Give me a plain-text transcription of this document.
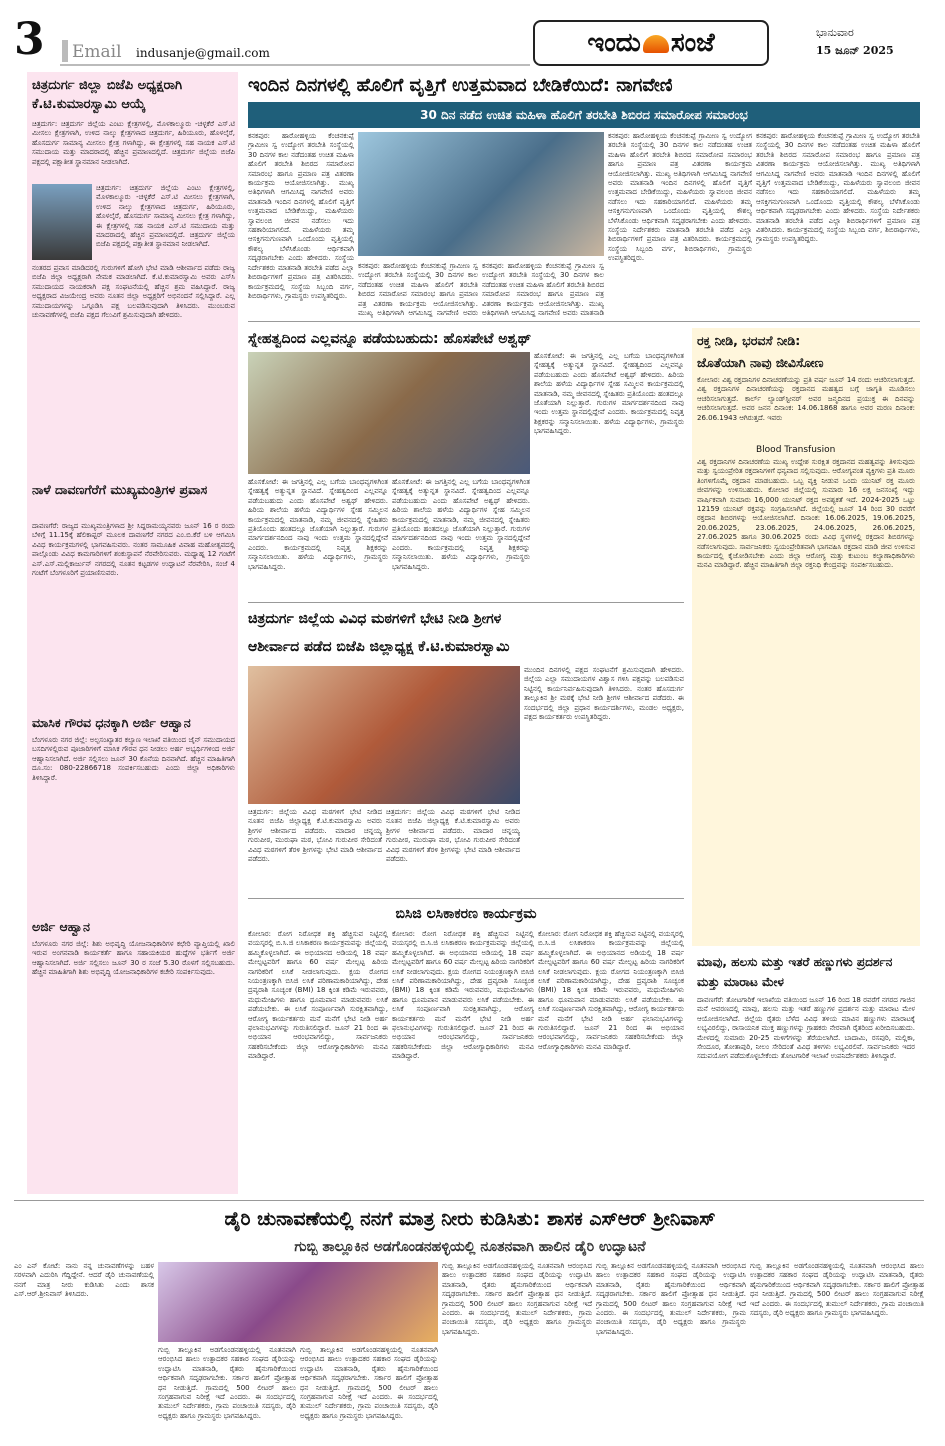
3	Email	indusanje@gmail.com	ಇಂದು ಸಂಜೆ	ಭಾನುವಾರ
15 ಜೂನ್ 2025
ಚಿತ್ರದುರ್ಗ ಜಿಲ್ಲಾ ಬಿಜೆಪಿ ಅಧ್ಯಕ್ಷರಾಗಿ ಕೆ.ಟಿ.ಕುಮಾರಸ್ವಾಮಿ ಆಯ್ಕೆ
ಚಿತ್ರದುರ್ಗ: ಚಿತ್ರದುರ್ಗ ಜಿಲ್ಲೆಯ ಎಂಟು ಕ್ಷೇತ್ರಗಳಲ್ಲಿ, ಮೊಳಕಾಲ್ಮೂರು -ಚಳ್ಳಕೆರೆ ಎಸ್.ಟಿ ಮೀಸಲು ಕ್ಷೇತ್ರಗಳಾಗಿ, ಉಳಿದ ನಾಲ್ಕು ಕ್ಷೇತ್ರಗಳಾದ ಚಿತ್ರದುರ್ಗ, ಹಿರಿಯೂರು, ಹೊಳಲ್ಕೆರೆ, ಹೊಸದುರ್ಗ ಸಾಮಾನ್ಯ ಮೀಸಲು ಕ್ಷೇತ್ರ ಗಳಾಗಿದ್ದು, ಈ ಕ್ಷೇತ್ರಗಳಲ್ಲಿ ಸಹ ನಾಯಕ ಎಸ್.ಟಿ ಸಮುದಾಯ ಮತ್ತು ಮಾದರಾದಲ್ಲಿ ಹೆಚ್ಚಿನ ಪ್ರಮಾಣದಲ್ಲಿದೆ. ಚಿತ್ರದುರ್ಗ ಜಿಲ್ಲೆಯ ಬಿಜೆಪಿ ಪಕ್ಷದಲ್ಲಿ ಪಕ್ಷಾತೀತ ಸ್ಥಾನಮಾನ ನೀಡಲಾಗಿದೆ.
ಚಿತ್ರದುರ್ಗ: ಚಿತ್ರದುರ್ಗ ಜಿಲ್ಲೆಯ ಎಂಟು ಕ್ಷೇತ್ರಗಳಲ್ಲಿ, ಮೊಳಕಾಲ್ಮೂರು -ಚಳ್ಳಕೆರೆ ಎಸ್.ಟಿ ಮೀಸಲು ಕ್ಷೇತ್ರಗಳಾಗಿ, ಉಳಿದ ನಾಲ್ಕು ಕ್ಷೇತ್ರಗಳಾದ ಚಿತ್ರದುರ್ಗ, ಹಿರಿಯೂರು, ಹೊಳಲ್ಕೆರೆ, ಹೊಸದುರ್ಗ ಸಾಮಾನ್ಯ ಮೀಸಲು ಕ್ಷೇತ್ರ ಗಳಾಗಿದ್ದು, ಈ ಕ್ಷೇತ್ರಗಳಲ್ಲಿ ಸಹ ನಾಯಕ ಎಸ್.ಟಿ ಸಮುದಾಯ ಮತ್ತು ಮಾದರಾದಲ್ಲಿ ಹೆಚ್ಚಿನ ಪ್ರಮಾಣದಲ್ಲಿದೆ. ಚಿತ್ರದುರ್ಗ ಜಿಲ್ಲೆಯ ಬಿಜೆಪಿ ಪಕ್ಷದಲ್ಲಿ ಪಕ್ಷಾತೀತ ಸ್ಥಾನಮಾನ ನೀಡಲಾಗಿದೆ.
ನಂತರದ ಪ್ರವಾಸ ಮಾಡಿದರಲ್ಲಿ ಗುರುಗಳಿಗೆ ಹೋಗಿ ಭೇಟಿ ಮಾಡಿ ಆಶೀರ್ವಾದ ಪಡೆದು ರಾಜ್ಯ ಬಿಜೆಪಿ ಜಿಲ್ಲಾ ಅಧ್ಯಕ್ಷರಾಗಿ ನೇಮಕ ಮಾಡಲಾಗಿದೆ. ಕೆ.ಟಿ.ಕುಮಾರಸ್ವಾಮಿ ಅವರು ಎಸ್‌ಸಿ ಸಮುದಾಯದ ನಾಯಕರಾಗಿ ಪಕ್ಷ ಸಂಘಟನೆಯಲ್ಲಿ ಹೆಚ್ಚಿನ ಶ್ರಮ ವಹಿಸಿದ್ದಾರೆ. ರಾಜ್ಯ ಅಧ್ಯಕ್ಷರಾದ ವಿಜಯೇಂದ್ರ ಅವರು ನೂತನ ಜಿಲ್ಲಾ ಅಧ್ಯಕ್ಷರಿಗೆ ಅಭಿನಂದನೆ ಸಲ್ಲಿಸಿದ್ದಾರೆ. ಎಲ್ಲ ಸಮುದಾಯಗಳನ್ನು ಒಗ್ಗೂಡಿಸಿ ಪಕ್ಷ ಬಲಪಡಿಸುವುದಾಗಿ ತಿಳಿಸಿದರು. ಮುಂಬರುವ ಚುನಾವಣೆಗಳಲ್ಲಿ ಬಿಜೆಪಿ ಪಕ್ಷದ ಗೆಲುವಿಗೆ ಶ್ರಮಿಸುವುದಾಗಿ ಹೇಳಿದರು.
ನಾಳೆ ದಾವಣಗೆರೆಗೆ ಮುಖ್ಯಮಂತ್ರಿಗಳ ಪ್ರವಾಸ
ದಾವಣಗೆರೆ: ರಾಜ್ಯದ ಮುಖ್ಯಮಂತ್ರಿಗಳಾದ ಶ್ರೀ ಸಿದ್ದರಾಮಯ್ಯನವರು ಜೂನ್ 16 ರ ರಂದು ಬೆಳಿಗ್ಗೆ 11.15ಕ್ಕೆ ಹೆಲಿಕಾಪ್ಟರ್ ಮೂಲಕ ದಾವಣಗೆರೆ ನಗರದ ಎಂ.ಬಿ.ಕೆರೆ ಬಳಿ ಆಗಮಿಸಿ ವಿವಿಧ ಕಾರ್ಯಕ್ರಮಗಳಲ್ಲಿ ಭಾಗವಹಿಸುವರು. ನಂತರ ಸಾಮೂಹಿಕ ವಿವಾಹ ಮಹೋತ್ಸವದಲ್ಲಿ ಪಾಲ್ಗೊಂಡು ವಿವಿಧ ಕಾಮಗಾರಿಗಳಿಗೆ ಶಂಕುಸ್ಥಾಪನೆ ನೆರವೇರಿಸುವರು. ಮಧ್ಯಾಹ್ನ 12 ಗಂಟೆಗೆ ಎಸ್.ಎಸ್.ಮಲ್ಲಿಕಾರ್ಜುನ್ ನಗರದಲ್ಲಿ ನೂತನ ಕಟ್ಟಡಗಳ ಉದ್ಘಾಟನೆ ನೆರವೇರಿಸಿ, ಸಂಜೆ 4 ಗಂಟೆಗೆ ಬೆಂಗಳೂರಿಗೆ ಪ್ರಯಾಣಿಸುವರು.
ಮಾಸಿಕ ಗೌರವ ಧನಕ್ಕಾಗಿ ಅರ್ಜಿ ಆಹ್ವಾನ
ಬೆಂಗಳೂರು ನಗರ ಜಿಲ್ಲೆ: ಅಲ್ಪಸಂಖ್ಯಾತರ ಕಲ್ಯಾಣ ಇಲಾಖೆ ವತಿಯಿಂದ ಜೈನ್ ಸಮುದಾಯದ ಬಸದಿಗಳಲ್ಲಿರುವ ಪೂಜಾರಿಗಳಿಗೆ ಮಾಸಿಕ ಗೌರವ ಧನ ನೀಡಲು ಅರ್ಹ ಅಭ್ಯರ್ಥಿಗಳಿಂದ ಅರ್ಜಿ ಆಹ್ವಾನಿಸಲಾಗಿದೆ. ಅರ್ಜಿ ಸಲ್ಲಿಸಲು ಜೂನ್ 30 ಕೊನೆಯ ದಿನವಾಗಿದೆ. ಹೆಚ್ಚಿನ ಮಾಹಿತಿಗಾಗಿ ದೂ.ಸಂ: 080-22866718 ಸಂಪರ್ಕಿಸಬಹುದು ಎಂದು ಜಿಲ್ಲಾ ಅಧಿಕಾರಿಗಳು ತಿಳಿಸಿದ್ದಾರೆ.
ಅರ್ಜಿ ಆಹ್ವಾನ
ಬೆಂಗಳೂರು ನಗರ ಜಿಲ್ಲೆ: ಶಿಶು ಅಭಿವೃದ್ಧಿ ಯೋಜನಾಧಿಕಾರಿಗಳ ಕಛೇರಿ ವ್ಯಾಪ್ತಿಯಲ್ಲಿ ಖಾಲಿ ಇರುವ ಅಂಗನವಾಡಿ ಕಾರ್ಯಕರ್ತೆ ಹಾಗೂ ಸಹಾಯಕಿಯರ ಹುದ್ದೆಗಳ ಭರ್ತಿಗೆ ಅರ್ಜಿ ಆಹ್ವಾನಿಸಲಾಗಿದೆ. ಅರ್ಜಿ ಸಲ್ಲಿಸಲು ಜೂನ್ 30 ರ ಸಂಜೆ 5.30 ರೊಳಗೆ ಸಲ್ಲಿಸಬಹುದು. ಹೆಚ್ಚಿನ ಮಾಹಿತಿಗಾಗಿ ಶಿಶು ಅಭಿವೃದ್ಧಿ ಯೋಜನಾಧಿಕಾರಿಗಳ ಕಚೇರಿ ಸಂಪರ್ಕಿಸುವುದು.
ಇಂದಿನ ದಿನಗಳಲ್ಲಿ ಹೊಲಿಗೆ ವೃತ್ತಿಗೆ ಉತ್ತಮವಾದ ಬೇಡಿಕೆಯಿದೆ: ನಾಗವೇಣಿ
30 ದಿನ ನಡೆದ ಉಚಿತ ಮಹಿಳಾ ಹೊಲಿಗೆ ತರಬೇತಿ ಶಿಬಿರದ ಸಮಾರೋಪ ಸಮಾರಂಭ
ಕನಕಪುರ: ಹಾರೋಹಳ್ಳಿಯ ಕೆಂಚನಕುಪ್ಪೆ ಗ್ರಾಮೀಣ ಸ್ವ ಉದ್ಯೋಗ ತರಬೇತಿ ಸಂಸ್ಥೆಯಲ್ಲಿ 30 ದಿನಗಳ ಕಾಲ ನಡೆದಂತಹ ಉಚಿತ ಮಹಿಳಾ ಹೊಲಿಗೆ ತರಬೇತಿ ಶಿಬಿರದ ಸಮಾರೋಪ ಸಮಾರಂಭ ಹಾಗೂ ಪ್ರಮಾಣ ಪತ್ರ ವಿತರಣಾ ಕಾರ್ಯಕ್ರಮ ಆಯೋಜಿಸಲಾಗಿತ್ತು. ಮುಖ್ಯ ಅತಿಥಿಗಳಾಗಿ ಆಗಮಿಸಿದ್ದ ನಾಗವೇಣಿ ಅವರು ಮಾತನಾಡಿ ಇಂದಿನ ದಿನಗಳಲ್ಲಿ ಹೊಲಿಗೆ ವೃತ್ತಿಗೆ ಉತ್ತಮವಾದ ಬೇಡಿಕೆಯಿದ್ದು, ಮಹಿಳೆಯರು ಸ್ವಾವಲಂಬಿ ಜೀವನ ನಡೆಸಲು ಇದು ಸಹಕಾರಿಯಾಗಲಿದೆ. ಮಹಿಳೆಯರು ತಮ್ಮ ಆಸಕ್ತಿಗನುಗುಣವಾಗಿ ಒಂದೊಂದು ವೃತ್ತಿಯಲ್ಲಿ ಕೌಶಲ್ಯ ಬೆಳೆಸಿಕೊಂಡು ಆರ್ಥಿಕವಾಗಿ ಸದೃಢರಾಗಬೇಕು ಎಂದು ಹೇಳಿದರು. ಸಂಸ್ಥೆಯ ನಿರ್ದೇಶಕರು ಮಾತನಾಡಿ ತರಬೇತಿ ಪಡೆದ ಎಲ್ಲಾ ಶಿಬಿರಾರ್ಥಿಗಳಿಗೆ ಪ್ರಮಾಣ ಪತ್ರ ವಿತರಿಸಿದರು. ಕಾರ್ಯಕ್ರಮದಲ್ಲಿ ಸಂಸ್ಥೆಯ ಸಿಬ್ಬಂದಿ ವರ್ಗ, ಶಿಬಿರಾರ್ಥಿಗಳು, ಗ್ರಾಮಸ್ಥರು ಉಪಸ್ಥಿತರಿದ್ದರು.
ಕನಕಪುರ: ಹಾರೋಹಳ್ಳಿಯ ಕೆಂಚನಕುಪ್ಪೆ ಗ್ರಾಮೀಣ ಸ್ವ ಉದ್ಯೋಗ ತರಬೇತಿ ಸಂಸ್ಥೆಯಲ್ಲಿ 30 ದಿನಗಳ ಕಾಲ ನಡೆದಂತಹ ಉಚಿತ ಮಹಿಳಾ ಹೊಲಿಗೆ ತರಬೇತಿ ಶಿಬಿರದ ಸಮಾರೋಪ ಸಮಾರಂಭ ಹಾಗೂ ಪ್ರಮಾಣ ಪತ್ರ ವಿತರಣಾ ಕಾರ್ಯಕ್ರಮ ಆಯೋಜಿಸಲಾಗಿತ್ತು. ಮುಖ್ಯ ಅತಿಥಿಗಳಾಗಿ ಆಗಮಿಸಿದ್ದ ನಾಗವೇಣಿ ಅವರು
ಕನಕಪುರ: ಹಾರೋಹಳ್ಳಿಯ ಕೆಂಚನಕುಪ್ಪೆ ಗ್ರಾಮೀಣ ಸ್ವ ಉದ್ಯೋಗ ತರಬೇತಿ ಸಂಸ್ಥೆಯಲ್ಲಿ 30 ದಿನಗಳ ಕಾಲ ನಡೆದಂತಹ ಉಚಿತ ಮಹಿಳಾ ಹೊಲಿಗೆ ತರಬೇತಿ ಶಿಬಿರದ ಸಮಾರೋಪ ಸಮಾರಂಭ ಹಾಗೂ ಪ್ರಮಾಣ ಪತ್ರ ವಿತರಣಾ ಕಾರ್ಯಕ್ರಮ ಆಯೋಜಿಸಲಾಗಿತ್ತು. ಮುಖ್ಯ ಅತಿಥಿಗಳಾಗಿ ಆಗಮಿಸಿದ್ದ ನಾಗವೇಣಿ ಅವರು ಮಾತನಾಡಿ
ಕನಕಪುರ: ಹಾರೋಹಳ್ಳಿಯ ಕೆಂಚನಕುಪ್ಪೆ ಗ್ರಾಮೀಣ ಸ್ವ ಉದ್ಯೋಗ ತರಬೇತಿ ಸಂಸ್ಥೆಯಲ್ಲಿ 30 ದಿನಗಳ ಕಾಲ ನಡೆದಂತಹ ಉಚಿತ ಮಹಿಳಾ ಹೊಲಿಗೆ ತರಬೇತಿ ಶಿಬಿರದ ಸಮಾರೋಪ ಸಮಾರಂಭ ಹಾಗೂ ಪ್ರಮಾಣ ಪತ್ರ ವಿತರಣಾ ಕಾರ್ಯಕ್ರಮ ಆಯೋಜಿಸಲಾಗಿತ್ತು. ಮುಖ್ಯ ಅತಿಥಿಗಳಾಗಿ ಆಗಮಿಸಿದ್ದ ನಾಗವೇಣಿ ಅವರು ಮಾತನಾಡಿ ಇಂದಿನ ದಿನಗಳಲ್ಲಿ ಹೊಲಿಗೆ ವೃತ್ತಿಗೆ ಉತ್ತಮವಾದ ಬೇಡಿಕೆಯಿದ್ದು, ಮಹಿಳೆಯರು ಸ್ವಾವಲಂಬಿ ಜೀವನ ನಡೆಸಲು ಇದು ಸಹಕಾರಿಯಾಗಲಿದೆ. ಮಹಿಳೆಯರು ತಮ್ಮ ಆಸಕ್ತಿಗನುಗುಣವಾಗಿ ಒಂದೊಂದು ವೃತ್ತಿಯಲ್ಲಿ ಕೌಶಲ್ಯ ಬೆಳೆಸಿಕೊಂಡು ಆರ್ಥಿಕವಾಗಿ ಸದೃಢರಾಗಬೇಕು ಎಂದು ಹೇಳಿದರು. ಸಂಸ್ಥೆಯ ನಿರ್ದೇಶಕರು ಮಾತನಾಡಿ ತರಬೇತಿ ಪಡೆದ ಎಲ್ಲಾ ಶಿಬಿರಾರ್ಥಿಗಳಿಗೆ ಪ್ರಮಾಣ ಪತ್ರ ವಿತರಿಸಿದರು. ಕಾರ್ಯಕ್ರಮದಲ್ಲಿ ಸಂಸ್ಥೆಯ ಸಿಬ್ಬಂದಿ ವರ್ಗ, ಶಿಬಿರಾರ್ಥಿಗಳು, ಗ್ರಾಮಸ್ಥರು ಉಪಸ್ಥಿತರಿದ್ದರು.
ಕನಕಪುರ: ಹಾರೋಹಳ್ಳಿಯ ಕೆಂಚನಕುಪ್ಪೆ ಗ್ರಾಮೀಣ ಸ್ವ ಉದ್ಯೋಗ ತರಬೇತಿ ಸಂಸ್ಥೆಯಲ್ಲಿ 30 ದಿನಗಳ ಕಾಲ ನಡೆದಂತಹ ಉಚಿತ ಮಹಿಳಾ ಹೊಲಿಗೆ ತರಬೇತಿ ಶಿಬಿರದ ಸಮಾರೋಪ ಸಮಾರಂಭ ಹಾಗೂ ಪ್ರಮಾಣ ಪತ್ರ ವಿತರಣಾ ಕಾರ್ಯಕ್ರಮ ಆಯೋಜಿಸಲಾಗಿತ್ತು. ಮುಖ್ಯ ಅತಿಥಿಗಳಾಗಿ ಆಗಮಿಸಿದ್ದ ನಾಗವೇಣಿ ಅವರು ಮಾತನಾಡಿ ಇಂದಿನ ದಿನಗಳಲ್ಲಿ ಹೊಲಿಗೆ ವೃತ್ತಿಗೆ ಉತ್ತಮವಾದ ಬೇಡಿಕೆಯಿದ್ದು, ಮಹಿಳೆಯರು ಸ್ವಾವಲಂಬಿ ಜೀವನ ನಡೆಸಲು ಇದು ಸಹಕಾರಿಯಾಗಲಿದೆ. ಮಹಿಳೆಯರು ತಮ್ಮ ಆಸಕ್ತಿಗನುಗುಣವಾಗಿ ಒಂದೊಂದು ವೃತ್ತಿಯಲ್ಲಿ ಕೌಶಲ್ಯ ಬೆಳೆಸಿಕೊಂಡು ಆರ್ಥಿಕವಾಗಿ ಸದೃಢರಾಗಬೇಕು ಎಂದು ಹೇಳಿದರು. ಸಂಸ್ಥೆಯ ನಿರ್ದೇಶಕರು ಮಾತನಾಡಿ ತರಬೇತಿ ಪಡೆದ ಎಲ್ಲಾ ಶಿಬಿರಾರ್ಥಿಗಳಿಗೆ ಪ್ರಮಾಣ ಪತ್ರ ವಿತರಿಸಿದರು. ಕಾರ್ಯಕ್ರಮದಲ್ಲಿ ಸಂಸ್ಥೆಯ ಸಿಬ್ಬಂದಿ ವರ್ಗ, ಶಿಬಿರಾರ್ಥಿಗಳು, ಗ್ರಾಮಸ್ಥರು ಉಪಸ್ಥಿತರಿದ್ದರು.
ಸ್ನೇಹತ್ವದಿಂದ ಎಲ್ಲವನ್ನೂ ಪಡೆಯಬಹುದು: ಹೊಸಪೇಟೆ ಅಶ್ವಥ್
ಹೊಸಕೋಟೆ: ಈ ಜಗತ್ತಿನಲ್ಲಿ ಎಲ್ಲ ಬಗೆಯ ಬಾಂಧವ್ಯಗಳಿಗಿಂತ ಸ್ನೇಹತ್ವಕ್ಕೆ ಅತ್ಯುನ್ನತ ಸ್ಥಾನವಿದೆ. ಸ್ನೇಹತ್ವದಿಂದ ಎಲ್ಲವನ್ನೂ ಪಡೆಯಬಹುದು ಎಂದು ಹೊಸಪೇಟೆ ಅಶ್ವಥ್ ಹೇಳಿದರು. ಹಿರಿಯ ಶಾಲೆಯ ಹಳೆಯ ವಿದ್ಯಾರ್ಥಿಗಳ ಸ್ನೇಹ ಸಮ್ಮಿಲನ ಕಾರ್ಯಕ್ರಮದಲ್ಲಿ ಮಾತನಾಡಿ, ನಮ್ಮ ಜೀವನದಲ್ಲಿ ಸ್ನೇಹಿತರು ಪ್ರತಿಯೊಂದು ಹಂತದಲ್ಲೂ ಜೊತೆಯಾಗಿ ನಿಲ್ಲುತ್ತಾರೆ. ಗುರುಗಳ ಮಾರ್ಗದರ್ಶನದಿಂದ ನಾವು ಇಂದು ಉತ್ತಮ ಸ್ಥಾನದಲ್ಲಿದ್ದೇವೆ ಎಂದರು. ಕಾರ್ಯಕ್ರಮದಲ್ಲಿ ನಿವೃತ್ತ ಶಿಕ್ಷಕರನ್ನು ಸನ್ಮಾನಿಸಲಾಯಿತು. ಹಳೆಯ ವಿದ್ಯಾರ್ಥಿಗಳು, ಗ್ರಾಮಸ್ಥರು ಭಾಗವಹಿಸಿದ್ದರು.
ಹೊಸಕೋಟೆ: ಈ ಜಗತ್ತಿನಲ್ಲಿ ಎಲ್ಲ ಬಗೆಯ ಬಾಂಧವ್ಯಗಳಿಗಿಂತ ಸ್ನೇಹತ್ವಕ್ಕೆ ಅತ್ಯುನ್ನತ ಸ್ಥಾನವಿದೆ. ಸ್ನೇಹತ್ವದಿಂದ ಎಲ್ಲವನ್ನೂ ಪಡೆಯಬಹುದು ಎಂದು ಹೊಸಪೇಟೆ ಅಶ್ವಥ್ ಹೇಳಿದರು. ಹಿರಿಯ ಶಾಲೆಯ ಹಳೆಯ ವಿದ್ಯಾರ್ಥಿಗಳ ಸ್ನೇಹ ಸಮ್ಮಿಲನ ಕಾರ್ಯಕ್ರಮದಲ್ಲಿ ಮಾತನಾಡಿ, ನಮ್ಮ ಜೀವನದಲ್ಲಿ ಸ್ನೇಹಿತರು ಪ್ರತಿಯೊಂದು ಹಂತದಲ್ಲೂ ಜೊತೆಯಾಗಿ ನಿಲ್ಲುತ್ತಾರೆ. ಗುರುಗಳ ಮಾರ್ಗದರ್ಶನದಿಂದ ನಾವು ಇಂದು ಉತ್ತಮ ಸ್ಥಾನದಲ್ಲಿದ್ದೇವೆ ಎಂದರು. ಕಾರ್ಯಕ್ರಮದಲ್ಲಿ ನಿವೃತ್ತ ಶಿಕ್ಷಕರನ್ನು ಸನ್ಮಾನಿಸಲಾಯಿತು. ಹಳೆಯ ವಿದ್ಯಾರ್ಥಿಗಳು, ಗ್ರಾಮಸ್ಥರು ಭಾಗವಹಿಸಿದ್ದರು.
ಹೊಸಕೋಟೆ: ಈ ಜಗತ್ತಿನಲ್ಲಿ ಎಲ್ಲ ಬಗೆಯ ಬಾಂಧವ್ಯಗಳಿಗಿಂತ ಸ್ನೇಹತ್ವಕ್ಕೆ ಅತ್ಯುನ್ನತ ಸ್ಥಾನವಿದೆ. ಸ್ನೇಹತ್ವದಿಂದ ಎಲ್ಲವನ್ನೂ ಪಡೆಯಬಹುದು ಎಂದು ಹೊಸಪೇಟೆ ಅಶ್ವಥ್ ಹೇಳಿದರು. ಹಿರಿಯ ಶಾಲೆಯ ಹಳೆಯ ವಿದ್ಯಾರ್ಥಿಗಳ ಸ್ನೇಹ ಸಮ್ಮಿಲನ ಕಾರ್ಯಕ್ರಮದಲ್ಲಿ ಮಾತನಾಡಿ, ನಮ್ಮ ಜೀವನದಲ್ಲಿ ಸ್ನೇಹಿತರು ಪ್ರತಿಯೊಂದು ಹಂತದಲ್ಲೂ ಜೊತೆಯಾಗಿ ನಿಲ್ಲುತ್ತಾರೆ. ಗುರುಗಳ ಮಾರ್ಗದರ್ಶನದಿಂದ ನಾವು ಇಂದು ಉತ್ತಮ ಸ್ಥಾನದಲ್ಲಿದ್ದೇವೆ ಎಂದರು. ಕಾರ್ಯಕ್ರಮದಲ್ಲಿ ನಿವೃತ್ತ ಶಿಕ್ಷಕರನ್ನು ಸನ್ಮಾನಿಸಲಾಯಿತು. ಹಳೆಯ ವಿದ್ಯಾರ್ಥಿಗಳು, ಗ್ರಾಮಸ್ಥರು ಭಾಗವಹಿಸಿದ್ದರು.
ರಕ್ತ ನೀಡಿ, ಭರವಸೆ ನೀಡಿ:
ಜೊತೆಯಾಗಿ ನಾವು ಜೀವಿಸೋಣ
ಕೋಲಾರ: ವಿಶ್ವ ರಕ್ತದಾನಿಗಳ ದಿನಾಚರಣೆಯನ್ನು ಪ್ರತಿ ವರ್ಷ ಜೂನ್ 14 ರಂದು ಆಚರಿಸಲಾಗುತ್ತದೆ. ವಿಶ್ವ ರಕ್ತದಾನಿಗಳ ದಿನಾಚರಣೆಯನ್ನು ರಕ್ತದಾನದ ಮಹತ್ವದ ಬಗ್ಗೆ ಜಾಗೃತಿ ಮೂಡಿಸಲು ಆಚರಿಸಲಾಗುತ್ತದೆ. ಕಾರ್ಲ್ ಲ್ಯಾಂಡ್‌ಸ್ಟೀನರ್ ಅವರ ಜನ್ಮದಿನದ ಪ್ರಯುಕ್ತ ಈ ದಿನವನ್ನು ಆಚರಿಸಲಾಗುತ್ತದೆ. ಅವರ ಜನನ ದಿನಾಂಕ: 14.06.1868 ಹಾಗೂ ಅವರ ಮರಣ ದಿನಾಂಕ: 26.06.1943 ಆಗಿರುತ್ತದೆ. ಇವರು
Blood Transfusion
ವಿಶ್ವ ರಕ್ತದಾನಿಗಳ ದಿನಾಚರಣೆಯ ಮುಖ್ಯ ಉದ್ದೇಶ ಸುರಕ್ಷಿತ ರಕ್ತದಾನದ ಮಹತ್ವವನ್ನು ತಿಳಿಸುವುದು ಮತ್ತು ಸ್ವಯಂಪ್ರೇರಿತ ರಕ್ತದಾನಿಗಳಿಗೆ ಧನ್ಯವಾದ ಸಲ್ಲಿಸುವುದು. ಆರೋಗ್ಯವಂತ ವ್ಯಕ್ತಿಗಳು ಪ್ರತಿ ಮೂರು ತಿಂಗಳಿಗೊಮ್ಮೆ ರಕ್ತದಾನ ಮಾಡಬಹುದು. ಒಬ್ಬ ವ್ಯಕ್ತಿ ನೀಡುವ ಒಂದು ಯುನಿಟ್ ರಕ್ತ ಮೂರು ಜೀವಗಳನ್ನು ಉಳಿಸಬಹುದು. ಕೋಲಾರ ಜಿಲ್ಲೆಯಲ್ಲಿ ಸುಮಾರು 16 ಲಕ್ಷ ಜನಸಂಖ್ಯೆ ಇದ್ದು ವಾರ್ಷಿಕವಾಗಿ ಸುಮಾರು 16,000 ಯುನಿಟ್ ರಕ್ತದ ಅವಶ್ಯಕತೆ ಇದೆ. 2024-2025 ಒಟ್ಟು 12159 ಯುನಿಟ್ ರಕ್ತವನ್ನು ಸಂಗ್ರಹಿಸಲಾಗಿದೆ. ಜಿಲ್ಲೆಯಲ್ಲಿ ಜೂನ್ 14 ರಿಂದ 30 ರವರೆಗೆ ರಕ್ತದಾನ ಶಿಬಿರಗಳನ್ನು ಆಯೋಜಿಸಲಾಗಿದೆ. ದಿನಾಂಕ: 16.06.2025, 19.06.2025, 20.06.2025, 23.06.2025, 24.06.2025, 26.06.2025, 27.06.2025 ಹಾಗೂ 30.06.2025 ರಂದು ವಿವಿಧ ಸ್ಥಳಗಳಲ್ಲಿ ರಕ್ತದಾನ ಶಿಬಿರಗಳನ್ನು ನಡೆಸಲಾಗುವುದು. ಸಾರ್ವಜನಿಕರು ಸ್ವಯಂಪ್ರೇರಿತವಾಗಿ ಭಾಗವಹಿಸಿ ರಕ್ತದಾನ ಮಾಡಿ ಜೀವ ಉಳಿಸುವ ಕಾರ್ಯದಲ್ಲಿ ಕೈಜೋಡಿಸಬೇಕು ಎಂದು ಜಿಲ್ಲಾ ಆರೋಗ್ಯ ಮತ್ತು ಕುಟುಂಬ ಕಲ್ಯಾಣಾಧಿಕಾರಿಗಳು ಮನವಿ ಮಾಡಿದ್ದಾರೆ. ಹೆಚ್ಚಿನ ಮಾಹಿತಿಗಾಗಿ ಜಿಲ್ಲಾ ರಕ್ತನಿಧಿ ಕೇಂದ್ರವನ್ನು ಸಂಪರ್ಕಿಸಬಹುದು.
ಮಾವು, ಹಲಸು ಮತ್ತು ಇತರೆ ಹಣ್ಣುಗಳು ಪ್ರದರ್ಶನ ಮತ್ತು ಮಾರಾಟ ಮೇಳ
ದಾವಣಗೆರೆ: ತೋಟಗಾರಿಕೆ ಇಲಾಖೆಯ ವತಿಯಿಂದ ಜೂನ್ 16 ರಿಂದ 18 ರವರೆಗೆ ನಗರದ ಗಾಜಿನ ಮನೆ ಆವರಣದಲ್ಲಿ ಮಾವು, ಹಲಸು ಮತ್ತು ಇತರೆ ಹಣ್ಣುಗಳ ಪ್ರದರ್ಶನ ಮತ್ತು ಮಾರಾಟ ಮೇಳ ಆಯೋಜಿಸಲಾಗಿದೆ. ಜಿಲ್ಲೆಯ ರೈತರು ಬೆಳೆದ ವಿವಿಧ ತಳಿಯ ಮಾವಿನ ಹಣ್ಣುಗಳು ಮಾರಾಟಕ್ಕೆ ಲಭ್ಯವಿರಲಿದ್ದು, ರಾಸಾಯನಿಕ ಮುಕ್ತ ಹಣ್ಣುಗಳನ್ನು ಗ್ರಾಹಕರು ನೇರವಾಗಿ ರೈತರಿಂದ ಖರೀದಿಸಬಹುದು. ಮೇಳದಲ್ಲಿ ಸುಮಾರು 20-25 ಮಳಿಗೆಗಳನ್ನು ತೆರೆಯಲಾಗಿದೆ. ಬಾದಾಮಿ, ರಸಪುರಿ, ಮಲ್ಲಿಕಾ, ಸೇಂದೂರ, ತೋತಾಪುರಿ, ನೀಲಂ ಸೇರಿದಂತೆ ವಿವಿಧ ತಳಿಗಳು ಲಭ್ಯವಿರಲಿವೆ. ಸಾರ್ವಜನಿಕರು ಇದರ ಸದುಪಯೋಗ ಪಡೆದುಕೊಳ್ಳಬೇಕೆಂದು ತೋಟಗಾರಿಕೆ ಇಲಾಖೆ ಉಪನಿರ್ದೇಶಕರು ತಿಳಿಸಿದ್ದಾರೆ.
ಚಿತ್ರದುರ್ಗ ಜಿಲ್ಲೆಯ ವಿವಿಧ ಮಠಗಳಿಗೆ ಭೇಟಿ ನೀಡಿ ಶ್ರೀಗಳ
ಆಶೀರ್ವಾದ ಪಡೆದ ಬಿಜೆಪಿ ಜಿಲ್ಲಾಧ್ಯಕ್ಷ ಕೆ.ಟಿ.ಕುಮಾರಸ್ವಾಮಿ
ಮುಂದಿನ ದಿನಗಳಲ್ಲಿ ಪಕ್ಷದ ಸಂಘಟನೆಗೆ ಶ್ರಮಿಸುವುದಾಗಿ ಹೇಳಿದರು. ಜಿಲ್ಲೆಯ ಎಲ್ಲಾ ಸಮುದಾಯಗಳ ವಿಶ್ವಾಸ ಗಳಿಸಿ ಪಕ್ಷವನ್ನು ಬಲಪಡಿಸುವ ನಿಟ್ಟಿನಲ್ಲಿ ಕಾರ್ಯನಿರ್ವಹಿಸುವುದಾಗಿ ತಿಳಿಸಿದರು. ನಂತರ ಹೊಸದುರ್ಗ ತಾಲ್ಲೂಕಿನ ಶ್ರೀ ಮಠಕ್ಕೆ ಭೇಟಿ ನೀಡಿ ಶ್ರೀಗಳ ಆಶೀರ್ವಾದ ಪಡೆದರು. ಈ ಸಂದರ್ಭದಲ್ಲಿ ಜಿಲ್ಲಾ ಪ್ರಧಾನ ಕಾರ್ಯದರ್ಶಿಗಳು, ಮಂಡಲ ಅಧ್ಯಕ್ಷರು, ಪಕ್ಷದ ಕಾರ್ಯಕರ್ತರು ಉಪಸ್ಥಿತರಿದ್ದರು.
ಚಿತ್ರದುರ್ಗ: ಜಿಲ್ಲೆಯ ವಿವಿಧ ಮಠಗಳಿಗೆ ಭೇಟಿ ನೀಡಿದ ನೂತನ ಬಿಜೆಪಿ ಜಿಲ್ಲಾಧ್ಯಕ್ಷ ಕೆ.ಟಿ.ಕುಮಾರಸ್ವಾಮಿ ಅವರು ಶ್ರೀಗಳ ಆಶೀರ್ವಾದ ಪಡೆದರು. ಮಾದಾರ ಚನ್ನಯ್ಯ ಗುರುಪೀಠ, ಮುರುಘಾ ಮಠ, ಭೋವಿ ಗುರುಪೀಠ ಸೇರಿದಂತೆ ವಿವಿಧ ಮಠಗಳಿಗೆ ತೆರಳಿ ಶ್ರೀಗಳನ್ನು ಭೇಟಿ ಮಾಡಿ ಆಶೀರ್ವಾದ ಪಡೆದರು.
ಚಿತ್ರದುರ್ಗ: ಜಿಲ್ಲೆಯ ವಿವಿಧ ಮಠಗಳಿಗೆ ಭೇಟಿ ನೀಡಿದ ನೂತನ ಬಿಜೆಪಿ ಜಿಲ್ಲಾಧ್ಯಕ್ಷ ಕೆ.ಟಿ.ಕುಮಾರಸ್ವಾಮಿ ಅವರು ಶ್ರೀಗಳ ಆಶೀರ್ವಾದ ಪಡೆದರು. ಮಾದಾರ ಚನ್ನಯ್ಯ ಗುರುಪೀಠ, ಮುರುಘಾ ಮಠ, ಭೋವಿ ಗುರುಪೀಠ ಸೇರಿದಂತೆ ವಿವಿಧ ಮಠಗಳಿಗೆ ತೆರಳಿ ಶ್ರೀಗಳನ್ನು ಭೇಟಿ ಮಾಡಿ ಆಶೀರ್ವಾದ ಪಡೆದರು.
ಬಿಸಿಜಿ ಲಸಿಕಾಕರಣ ಕಾರ್ಯಕ್ರಮ
ಕೋಲಾರ: ರೋಗ ನಿರೋಧಕ ಶಕ್ತಿ ಹೆಚ್ಚಿಸುವ ನಿಟ್ಟಿನಲ್ಲಿ ವಯಸ್ಕರಲ್ಲಿ ಬಿ.ಸಿ.ಜಿ ಲಸಿಕಾಕರಣ ಕಾರ್ಯಕ್ರಮವನ್ನು ಜಿಲ್ಲೆಯಲ್ಲಿ ಹಮ್ಮಿಕೊಳ್ಳಲಾಗಿದೆ. ಈ ಅಭಿಯಾನದ ಅಡಿಯಲ್ಲಿ 18 ವರ್ಷ ಮೇಲ್ಪಟ್ಟವರಿಗೆ ಹಾಗೂ 60 ವರ್ಷ ಮೇಲ್ಪಟ್ಟ ಹಿರಿಯ ನಾಗರಿಕರಿಗೆ ಲಸಿಕೆ ನೀಡಲಾಗುವುದು. ಕ್ಷಯ ರೋಗದ ನಿಯಂತ್ರಣಕ್ಕಾಗಿ ಬಿಸಿಜಿ ಲಸಿಕೆ ಪರಿಣಾಮಕಾರಿಯಾಗಿದ್ದು, ದೇಹ ದ್ರವ್ಯರಾಶಿ ಸೂಚ್ಯಂಕ (BMI) 18 ಕ್ಕಿಂತ ಕಡಿಮೆ ಇರುವವರು, ಮಧುಮೇಹಿಗಳು ಹಾಗೂ ಧೂಮಪಾನ ಮಾಡುವವರು ಲಸಿಕೆ ಪಡೆಯಬೇಕು. ಈ ಲಸಿಕೆ ಸಂಪೂರ್ಣವಾಗಿ ಸುರಕ್ಷಿತವಾಗಿದ್ದು, ಆರೋಗ್ಯ ಕಾರ್ಯಕರ್ತರು ಮನೆ ಮನೆಗೆ ಭೇಟಿ ನೀಡಿ ಅರ್ಹ ಫಲಾನುಭವಿಗಳನ್ನು ಗುರುತಿಸಲಿದ್ದಾರೆ. ಜೂನ್ 21 ರಿಂದ ಈ ಅಭಿಯಾನ ಆರಂಭವಾಗಲಿದ್ದು, ಸಾರ್ವಜನಿಕರು ಸಹಕರಿಸಬೇಕೆಂದು ಜಿಲ್ಲಾ ಆರೋಗ್ಯಾಧಿಕಾರಿಗಳು ಮನವಿ ಮಾಡಿದ್ದಾರೆ.
ಕೋಲಾರ: ರೋಗ ನಿರೋಧಕ ಶಕ್ತಿ ಹೆಚ್ಚಿಸುವ ನಿಟ್ಟಿನಲ್ಲಿ ವಯಸ್ಕರಲ್ಲಿ ಬಿ.ಸಿ.ಜಿ ಲಸಿಕಾಕರಣ ಕಾರ್ಯಕ್ರಮವನ್ನು ಜಿಲ್ಲೆಯಲ್ಲಿ ಹಮ್ಮಿಕೊಳ್ಳಲಾಗಿದೆ. ಈ ಅಭಿಯಾನದ ಅಡಿಯಲ್ಲಿ 18 ವರ್ಷ ಮೇಲ್ಪಟ್ಟವರಿಗೆ ಹಾಗೂ 60 ವರ್ಷ ಮೇಲ್ಪಟ್ಟ ಹಿರಿಯ ನಾಗರಿಕರಿಗೆ ಲಸಿಕೆ ನೀಡಲಾಗುವುದು. ಕ್ಷಯ ರೋಗದ ನಿಯಂತ್ರಣಕ್ಕಾಗಿ ಬಿಸಿಜಿ ಲಸಿಕೆ ಪರಿಣಾಮಕಾರಿಯಾಗಿದ್ದು, ದೇಹ ದ್ರವ್ಯರಾಶಿ ಸೂಚ್ಯಂಕ (BMI) 18 ಕ್ಕಿಂತ ಕಡಿಮೆ ಇರುವವರು, ಮಧುಮೇಹಿಗಳು ಹಾಗೂ ಧೂಮಪಾನ ಮಾಡುವವರು ಲಸಿಕೆ ಪಡೆಯಬೇಕು. ಈ ಲಸಿಕೆ ಸಂಪೂರ್ಣವಾಗಿ ಸುರಕ್ಷಿತವಾಗಿದ್ದು, ಆರೋಗ್ಯ ಕಾರ್ಯಕರ್ತರು ಮನೆ ಮನೆಗೆ ಭೇಟಿ ನೀಡಿ ಅರ್ಹ ಫಲಾನುಭವಿಗಳನ್ನು ಗುರುತಿಸಲಿದ್ದಾರೆ. ಜೂನ್ 21 ರಿಂದ ಈ ಅಭಿಯಾನ ಆರಂಭವಾಗಲಿದ್ದು, ಸಾರ್ವಜನಿಕರು ಸಹಕರಿಸಬೇಕೆಂದು ಜಿಲ್ಲಾ ಆರೋಗ್ಯಾಧಿಕಾರಿಗಳು ಮನವಿ ಮಾಡಿದ್ದಾರೆ.
ಕೋಲಾರ: ರೋಗ ನಿರೋಧಕ ಶಕ್ತಿ ಹೆಚ್ಚಿಸುವ ನಿಟ್ಟಿನಲ್ಲಿ ವಯಸ್ಕರಲ್ಲಿ ಬಿ.ಸಿ.ಜಿ ಲಸಿಕಾಕರಣ ಕಾರ್ಯಕ್ರಮವನ್ನು ಜಿಲ್ಲೆಯಲ್ಲಿ ಹಮ್ಮಿಕೊಳ್ಳಲಾಗಿದೆ. ಈ ಅಭಿಯಾನದ ಅಡಿಯಲ್ಲಿ 18 ವರ್ಷ ಮೇಲ್ಪಟ್ಟವರಿಗೆ ಹಾಗೂ 60 ವರ್ಷ ಮೇಲ್ಪಟ್ಟ ಹಿರಿಯ ನಾಗರಿಕರಿಗೆ ಲಸಿಕೆ ನೀಡಲಾಗುವುದು. ಕ್ಷಯ ರೋಗದ ನಿಯಂತ್ರಣಕ್ಕಾಗಿ ಬಿಸಿಜಿ ಲಸಿಕೆ ಪರಿಣಾಮಕಾರಿಯಾಗಿದ್ದು, ದೇಹ ದ್ರವ್ಯರಾಶಿ ಸೂಚ್ಯಂಕ (BMI) 18 ಕ್ಕಿಂತ ಕಡಿಮೆ ಇರುವವರು, ಮಧುಮೇಹಿಗಳು ಹಾಗೂ ಧೂಮಪಾನ ಮಾಡುವವರು ಲಸಿಕೆ ಪಡೆಯಬೇಕು. ಈ ಲಸಿಕೆ ಸಂಪೂರ್ಣವಾಗಿ ಸುರಕ್ಷಿತವಾಗಿದ್ದು, ಆರೋಗ್ಯ ಕಾರ್ಯಕರ್ತರು ಮನೆ ಮನೆಗೆ ಭೇಟಿ ನೀಡಿ ಅರ್ಹ ಫಲಾನುಭವಿಗಳನ್ನು ಗುರುತಿಸಲಿದ್ದಾರೆ. ಜೂನ್ 21 ರಿಂದ ಈ ಅಭಿಯಾನ ಆರಂಭವಾಗಲಿದ್ದು, ಸಾರ್ವಜನಿಕರು ಸಹಕರಿಸಬೇಕೆಂದು ಜಿಲ್ಲಾ ಆರೋಗ್ಯಾಧಿಕಾರಿಗಳು ಮನವಿ ಮಾಡಿದ್ದಾರೆ.
ಡೈರಿ ಚುನಾವಣೆಯಲ್ಲಿ ನನಗೆ ಮಾತ್ರ ನೀರು ಕುಡಿಸಿತು: ಶಾಸಕ ಎಸ್‌ಆರ್ ಶ್ರೀನಿವಾಸ್
ಗುಬ್ಬಿ ತಾಲ್ಲೂಕಿನ ಅಡಗೊಂಡನಹಳ್ಳಿಯಲ್ಲಿ ನೂತನವಾಗಿ ಹಾಲಿನ ಡೈರಿ ಉದ್ಘಾಟನೆ
ಎಂ ಎನ್ ಕೋಟೆ: ನಾನು ನನ್ನ ಚುನಾವಣೆಗಳನ್ನು ಬಹಳ ಸರಳವಾಗಿ ಎದುರಿಸಿ ಗೆದ್ದಿದ್ದೇನೆ. ಆದರೆ ಡೈರಿ ಚುನಾವಣೆಯಲ್ಲಿ ನನಗೆ ಮಾತ್ರ ನೀರು ಕುಡಿಸಿತು ಎಂದು ಶಾಸಕ ಎಸ್.ಆರ್.ಶ್ರೀನಿವಾಸ್ ತಿಳಿಸಿದರು.
ಗುಬ್ಬಿ ತಾಲ್ಲೂಕಿನ ಅಡಗೊಂಡನಹಳ್ಳಿಯಲ್ಲಿ ನೂತನವಾಗಿ ಆರಂಭಿಸಿದ ಹಾಲು ಉತ್ಪಾದಕರ ಸಹಕಾರ ಸಂಘದ ಡೈರಿಯನ್ನು ಉದ್ಘಾಟಿಸಿ ಮಾತನಾಡಿ, ರೈತರು ಹೈನುಗಾರಿಕೆಯಿಂದ ಆರ್ಥಿಕವಾಗಿ ಸದೃಢರಾಗಬೇಕು. ಸರ್ಕಾರ ಹಾಲಿಗೆ ಪ್ರೋತ್ಸಾಹ ಧನ ನೀಡುತ್ತಿದೆ. ಗ್ರಾಮದಲ್ಲಿ 500 ಲೀಟರ್ ಹಾಲು ಸಂಗ್ರಹವಾಗುವ ನಿರೀಕ್ಷೆ ಇದೆ ಎಂದರು. ಈ ಸಂದರ್ಭದಲ್ಲಿ ತುಮುಲ್ ನಿರ್ದೇಶಕರು, ಗ್ರಾಮ ಪಂಚಾಯಿತಿ ಸದಸ್ಯರು, ಡೈರಿ ಅಧ್ಯಕ್ಷರು ಹಾಗೂ ಗ್ರಾಮಸ್ಥರು ಭಾಗವಹಿಸಿದ್ದರು.
ಗುಬ್ಬಿ ತಾಲ್ಲೂಕಿನ ಅಡಗೊಂಡನಹಳ್ಳಿಯಲ್ಲಿ ನೂತನವಾಗಿ ಆರಂಭಿಸಿದ ಹಾಲು ಉತ್ಪಾದಕರ ಸಹಕಾರ ಸಂಘದ ಡೈರಿಯನ್ನು ಉದ್ಘಾಟಿಸಿ ಮಾತನಾಡಿ, ರೈತರು ಹೈನುಗಾರಿಕೆಯಿಂದ ಆರ್ಥಿಕವಾಗಿ ಸದೃಢರಾಗಬೇಕು. ಸರ್ಕಾರ ಹಾಲಿಗೆ ಪ್ರೋತ್ಸಾಹ ಧನ ನೀಡುತ್ತಿದೆ. ಗ್ರಾಮದಲ್ಲಿ 500 ಲೀಟರ್ ಹಾಲು ಸಂಗ್ರಹವಾಗುವ ನಿರೀಕ್ಷೆ ಇದೆ ಎಂದರು. ಈ ಸಂದರ್ಭದಲ್ಲಿ ತುಮುಲ್ ನಿರ್ದೇಶಕರು, ಗ್ರಾಮ ಪಂಚಾಯಿತಿ ಸದಸ್ಯರು, ಡೈರಿ ಅಧ್ಯಕ್ಷರು ಹಾಗೂ ಗ್ರಾಮಸ್ಥರು ಭಾಗವಹಿಸಿದ್ದರು.
ಗುಬ್ಬಿ ತಾಲ್ಲೂಕಿನ ಅಡಗೊಂಡನಹಳ್ಳಿಯಲ್ಲಿ ನೂತನವಾಗಿ ಆರಂಭಿಸಿದ ಹಾಲು ಉತ್ಪಾದಕರ ಸಹಕಾರ ಸಂಘದ ಡೈರಿಯನ್ನು ಉದ್ಘಾಟಿಸಿ ಮಾತನಾಡಿ, ರೈತರು ಹೈನುಗಾರಿಕೆಯಿಂದ ಆರ್ಥಿಕವಾಗಿ ಸದೃಢರಾಗಬೇಕು. ಸರ್ಕಾರ ಹಾಲಿಗೆ ಪ್ರೋತ್ಸಾಹ ಧನ ನೀಡುತ್ತಿದೆ. ಗ್ರಾಮದಲ್ಲಿ 500 ಲೀಟರ್ ಹಾಲು ಸಂಗ್ರಹವಾಗುವ ನಿರೀಕ್ಷೆ ಇದೆ ಎಂದರು. ಈ ಸಂದರ್ಭದಲ್ಲಿ ತುಮುಲ್ ನಿರ್ದೇಶಕರು, ಗ್ರಾಮ ಪಂಚಾಯಿತಿ ಸದಸ್ಯರು, ಡೈರಿ ಅಧ್ಯಕ್ಷರು ಹಾಗೂ ಗ್ರಾಮಸ್ಥರು ಭಾಗವಹಿಸಿದ್ದರು.
ಗುಬ್ಬಿ ತಾಲ್ಲೂಕಿನ ಅಡಗೊಂಡನಹಳ್ಳಿಯಲ್ಲಿ ನೂತನವಾಗಿ ಆರಂಭಿಸಿದ ಹಾಲು ಉತ್ಪಾದಕರ ಸಹಕಾರ ಸಂಘದ ಡೈರಿಯನ್ನು ಉದ್ಘಾಟಿಸಿ ಮಾತನಾಡಿ, ರೈತರು ಹೈನುಗಾರಿಕೆಯಿಂದ ಆರ್ಥಿಕವಾಗಿ ಸದೃಢರಾಗಬೇಕು. ಸರ್ಕಾರ ಹಾಲಿಗೆ ಪ್ರೋತ್ಸಾಹ ಧನ ನೀಡುತ್ತಿದೆ. ಗ್ರಾಮದಲ್ಲಿ 500 ಲೀಟರ್ ಹಾಲು ಸಂಗ್ರಹವಾಗುವ ನಿರೀಕ್ಷೆ ಇದೆ ಎಂದರು. ಈ ಸಂದರ್ಭದಲ್ಲಿ ತುಮುಲ್ ನಿರ್ದೇಶಕರು, ಗ್ರಾಮ ಪಂಚಾಯಿತಿ ಸದಸ್ಯರು, ಡೈರಿ ಅಧ್ಯಕ್ಷರು ಹಾಗೂ ಗ್ರಾಮಸ್ಥರು ಭಾಗವಹಿಸಿದ್ದರು.
ಗುಬ್ಬಿ ತಾಲ್ಲೂಕಿನ ಅಡಗೊಂಡನಹಳ್ಳಿಯಲ್ಲಿ ನೂತನವಾಗಿ ಆರಂಭಿಸಿದ ಹಾಲು ಉತ್ಪಾದಕರ ಸಹಕಾರ ಸಂಘದ ಡೈರಿಯನ್ನು ಉದ್ಘಾಟಿಸಿ ಮಾತನಾಡಿ, ರೈತರು ಹೈನುಗಾರಿಕೆಯಿಂದ ಆರ್ಥಿಕವಾಗಿ ಸದೃಢರಾಗಬೇಕು. ಸರ್ಕಾರ ಹಾಲಿಗೆ ಪ್ರೋತ್ಸಾಹ ಧನ ನೀಡುತ್ತಿದೆ. ಗ್ರಾಮದಲ್ಲಿ 500 ಲೀಟರ್ ಹಾಲು ಸಂಗ್ರಹವಾಗುವ ನಿರೀಕ್ಷೆ ಇದೆ ಎಂದರು. ಈ ಸಂದರ್ಭದಲ್ಲಿ ತುಮುಲ್ ನಿರ್ದೇಶಕರು, ಗ್ರಾಮ ಪಂಚಾಯಿತಿ ಸದಸ್ಯರು, ಡೈರಿ ಅಧ್ಯಕ್ಷರು ಹಾಗೂ ಗ್ರಾಮಸ್ಥರು ಭಾಗವಹಿಸಿದ್ದರು.
